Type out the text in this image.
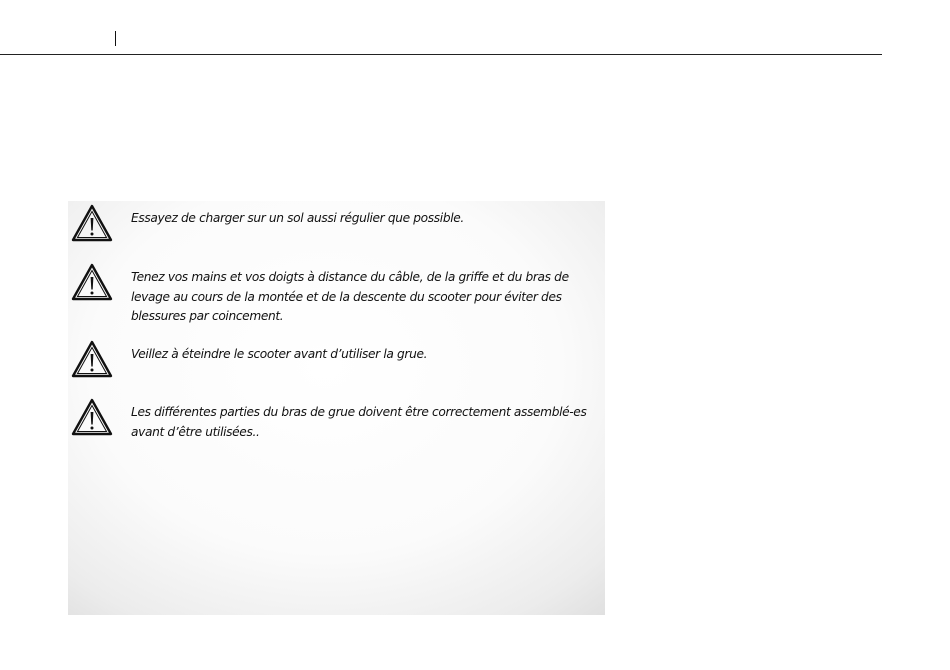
Essayez de charger sur un sol aussi régulier que possible.

Tenez vos mains et vos doigts à distance du câble, de la griffe et du bras de levage au cours de la montée et de la descente du scooter pour éviter des blessures par coincement.

Veillez à éteindre le scooter avant d’utiliser la grue.

Les différentes parties du bras de grue doivent être correctement assemblé-es avant d’être utilisées..
